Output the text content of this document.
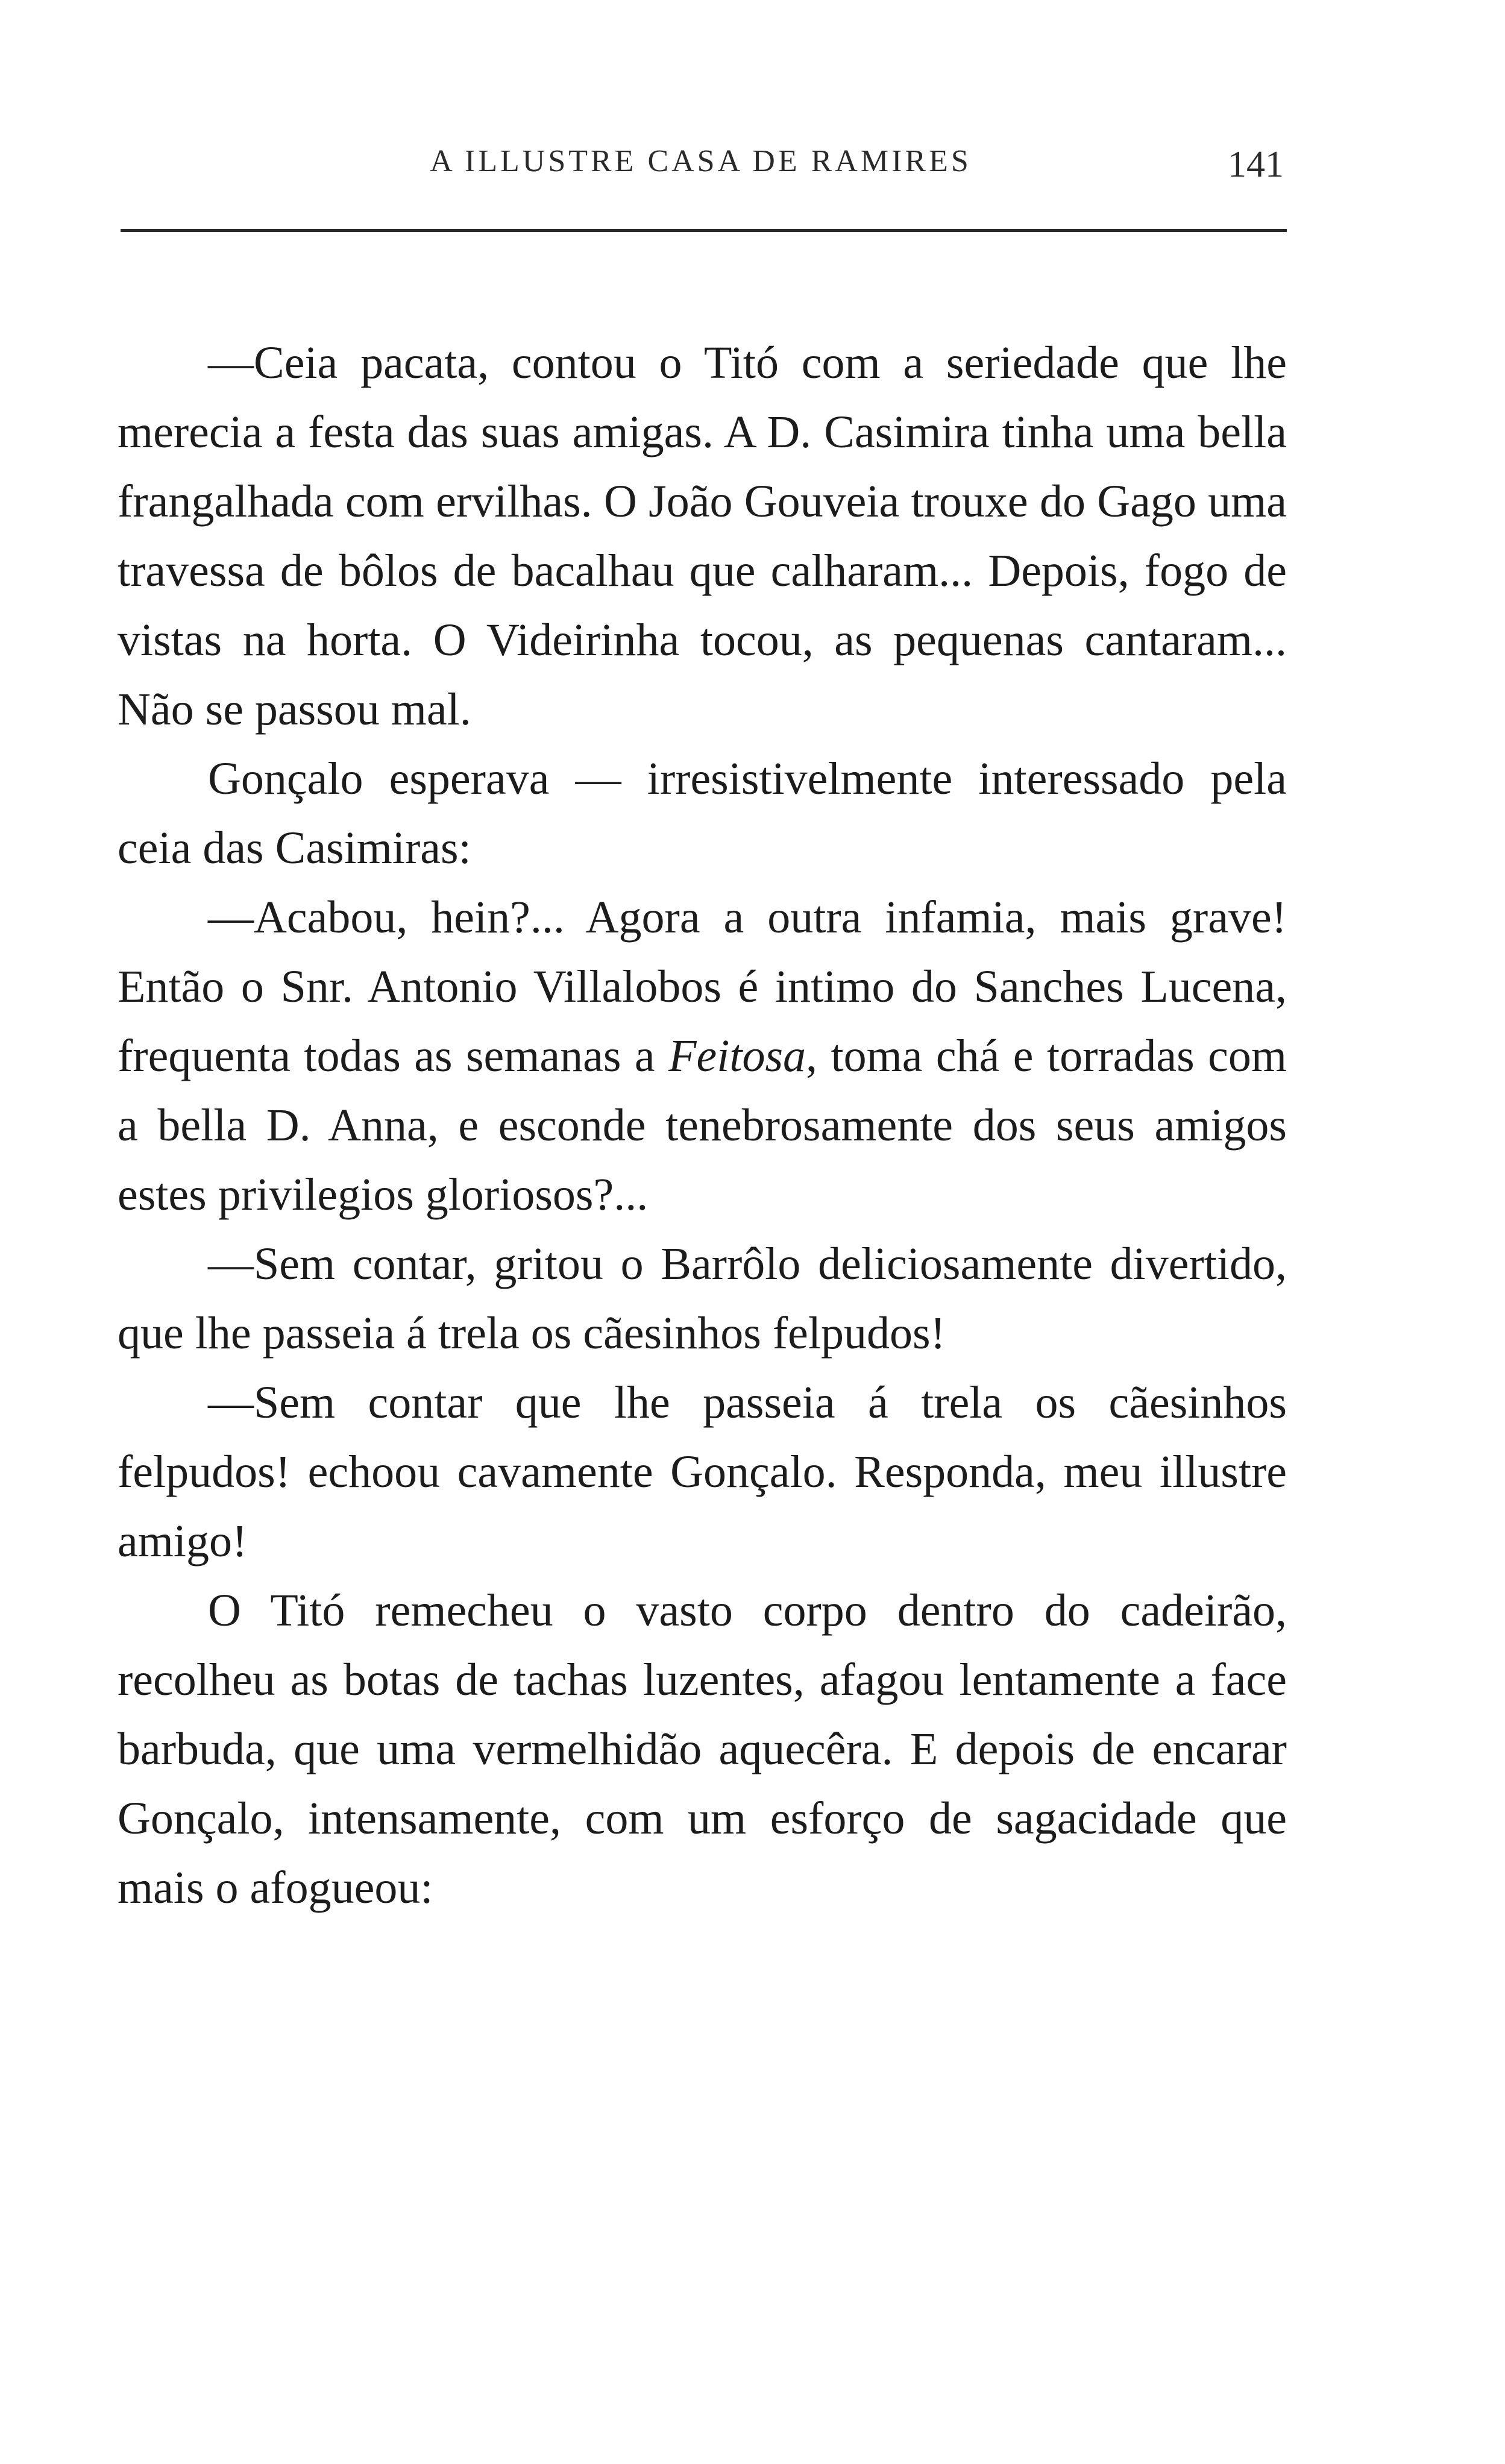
A ILLUSTRE CASA DE RAMIRES	141

—Ceia pacata, contou o Titó com a seriedade que lhe merecia a festa das suas amigas. A D. Casimira tinha uma bella frangalhada com ervilhas. O João Gouveia trouxe do Gago uma travessa de bôlos de bacalhau que calharam... Depois, fogo de vistas na horta. O Videirinha tocou, as pequenas cantaram... Não se passou mal.

Gonçalo esperava — irresistivelmente interessado pela ceia das Casimiras:

—Acabou, hein?... Agora a outra infamia, mais grave! Então o Snr. Antonio Villalobos é intimo do Sanches Lucena, frequenta todas as semanas a Feitosa, toma chá e torradas com a bella D. Anna, e esconde tenebrosamente dos seus amigos estes privilegios gloriosos?...

—Sem contar, gritou o Barrôlo deliciosamente divertido, que lhe passeia á trela os cãesinhos felpudos!

—Sem contar que lhe passeia á trela os cãesinhos felpudos! echoou cavamente Gonçalo. Responda, meu illustre amigo!

O Titó remecheu o vasto corpo dentro do cadeirão, recolheu as botas de tachas luzentes, afagou lentamente a face barbuda, que uma vermelhidão aquecêra. E depois de encarar Gonçalo, intensamente, com um esforço de sagacidade que mais o afogueou:
